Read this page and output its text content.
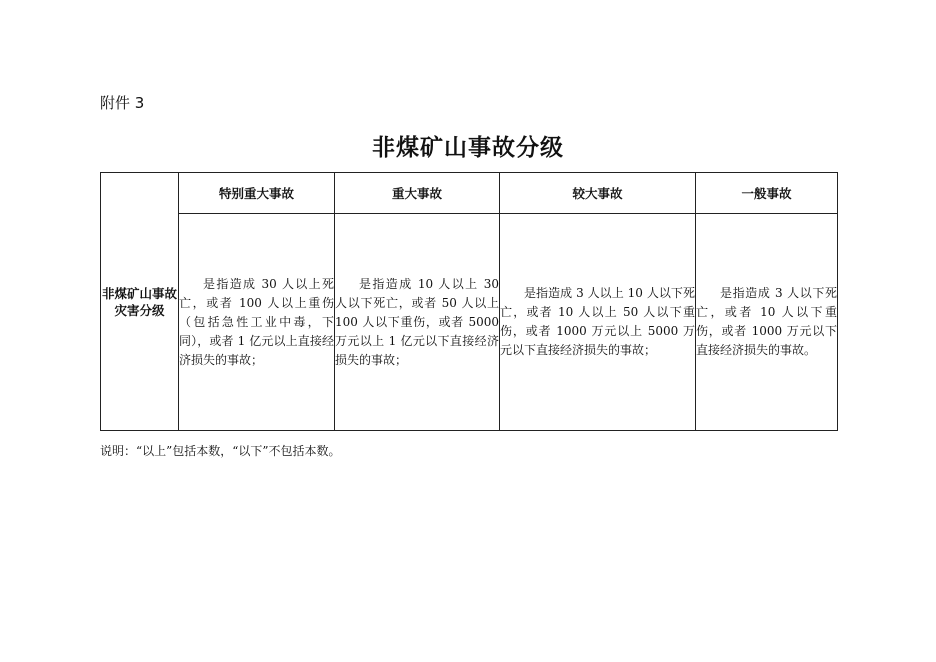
附件 3
非煤矿山事故分级
非煤矿山事故灾害分级	特别重大事故	重大事故	较大事故	一般事故
	是指造成 30 人以上死亡，或者 100 人以上重伤（包括急性工业中毒，下同），或者 1 亿元以上直接经济损失的事故；	是指造成 10 人以上 30 人以下死亡，或者 50 人以上 100 人以下重伤，或者 5000 万元以上 1 亿元以下直接经济损失的事故；	是指造成 3 人以上 10 人以下死亡，或者 10 人以上 50 人以下重伤，或者 1000 万元以上 5000 万元以下直接经济损失的事故；	是指造成 3 人以下死亡，或者 10 人以下重伤，或者 1000 万元以下直接经济损失的事故。
说明：“以上”包括本数，“以下”不包括本数。
